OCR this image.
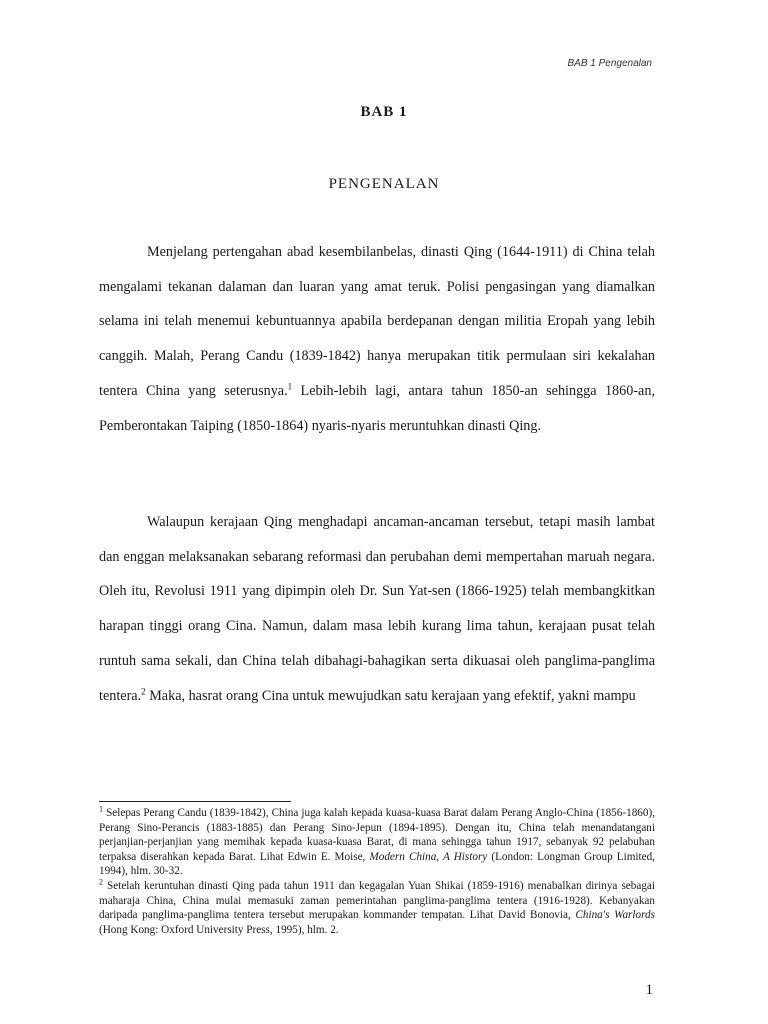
BAB 1 Pengenalan
BAB 1
PENGENALAN

Menjelang pertengahan abad kesembilanbelas, dinasti Qing (1644-1911) di China telah mengalami tekanan dalaman dan luaran yang amat teruk. Polisi pengasingan yang diamalkan selama ini telah menemui kebuntuannya apabila berdepanan dengan militia Eropah yang lebih canggih. Malah, Perang Candu (1839-1842) hanya merupakan titik permulaan siri kekalahan tentera China yang seterusnya.$^1$ Lebih-lebih lagi, antara tahun 1850-an sehingga 1860-an, Pemberontakan Taiping (1850-1864) nyaris-nyaris meruntuhkan dinasti Qing.

Walaupun kerajaan Qing menghadapi ancaman-ancaman tersebut, tetapi masih lambat dan enggan melaksanakan sebarang reformasi dan perubahan demi mempertahan maruah negara. Oleh itu, Revolusi 1911 yang dipimpin oleh Dr. Sun Yat-sen (1866-1925) telah membangkitkan harapan tinggi orang Cina. Namun, dalam masa lebih kurang lima tahun, kerajaan pusat telah runtuh sama sekali, dan China telah dibahagi-bahagikan serta dikuasai oleh panglima-panglima tentera.$^2$ Maka, hasrat orang Cina untuk mewujudkan satu kerajaan yang efektif, yakni mampu

$^1$ Selepas Perang Candu (1839-1842), China juga kalah kepada kuasa-kuasa Barat dalam Perang Anglo-China (1856-1860), Perang Sino-Perancis (1883-1885) dan Perang Sino-Jepun (1894-1895). Dengan itu, China telah menandatangani perjanjian-perjanjian yang memihak kepada kuasa-kuasa Barat, di mana sehingga tahun 1917, sebanyak 92 pelabuhan terpaksa diserahkan kepada Barat. Lihat Edwin E. Moise, Modern China, A History (London: Longman Group Limited, 1994), hlm. 30-32.

$^2$ Setelah keruntuhan dinasti Qing pada tahun 1911 dan kegagalan Yuan Shikai (1859-1916) menabalkan dirinya sebagai maharaja China, China mulai memasuki zaman pemerintahan panglima-panglima tentera (1916-1928). Kebanyakan daripada panglima-panglima tentera tersebut merupakan kommander tempatan. Lihat David Bonovia, China's Warlords (Hong Kong: Oxford University Press, 1995), hlm. 2.

1
